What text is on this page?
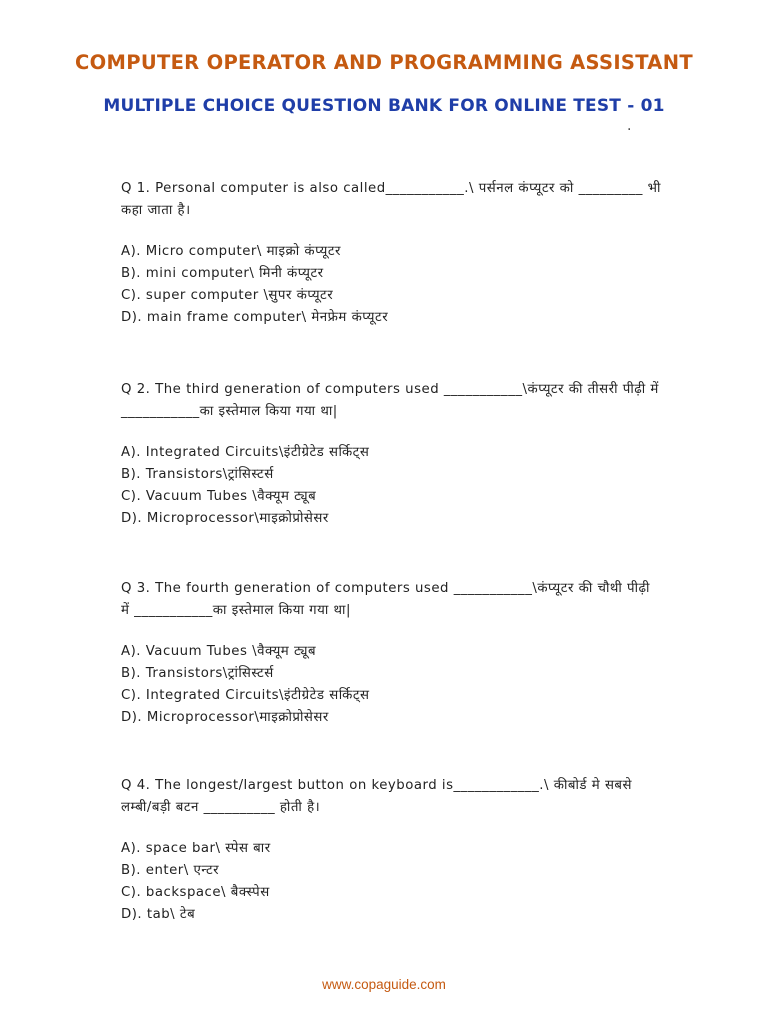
COMPUTER OPERATOR AND PROGRAMMING ASSISTANT
MULTIPLE CHOICE QUESTION BANK FOR ONLINE TEST - 01
.

Q 1. Personal computer is also called___________.\ पर्सनल कंप्यूटर को _________ भी कहा जाता है।

A). Micro computer\ माइक्रो कंप्यूटर

B). mini computer\ मिनी कंप्यूटर

C). super computer \सुपर कंप्यूटर

D). main frame computer\ मेनफ्रेम कंप्यूटर

Q 2. The third generation of computers used ___________\कंप्यूटर की तीसरी पीढ़ी में ___________का इस्तेमाल किया गया था|

A). Integrated Circuits\इंटीग्रेटेड सर्किट्स

B). Transistors\ट्रांसिस्टर्स

C). Vacuum Tubes \वैक्यूम ट्यूब

D). Microprocessor\माइक्रोप्रोसेसर

Q 3. The fourth generation of computers used ___________\कंप्यूटर की चौथी पीढ़ी में ___________का इस्तेमाल किया गया था|

A). Vacuum Tubes \वैक्यूम ट्यूब

B). Transistors\ट्रांसिस्टर्स

C). Integrated Circuits\इंटीग्रेटेड सर्किट्स

D). Microprocessor\माइक्रोप्रोसेसर

Q 4. The longest/largest button on keyboard is____________.\ कीबोर्ड मे सबसे लम्बी/बड़ी बटन __________ होती है।

A). space bar\ स्पेस बार

B). enter\ एन्टर

C). backspace\ बैक्स्पेस

D). tab\ टेब

www.copaguide.com
